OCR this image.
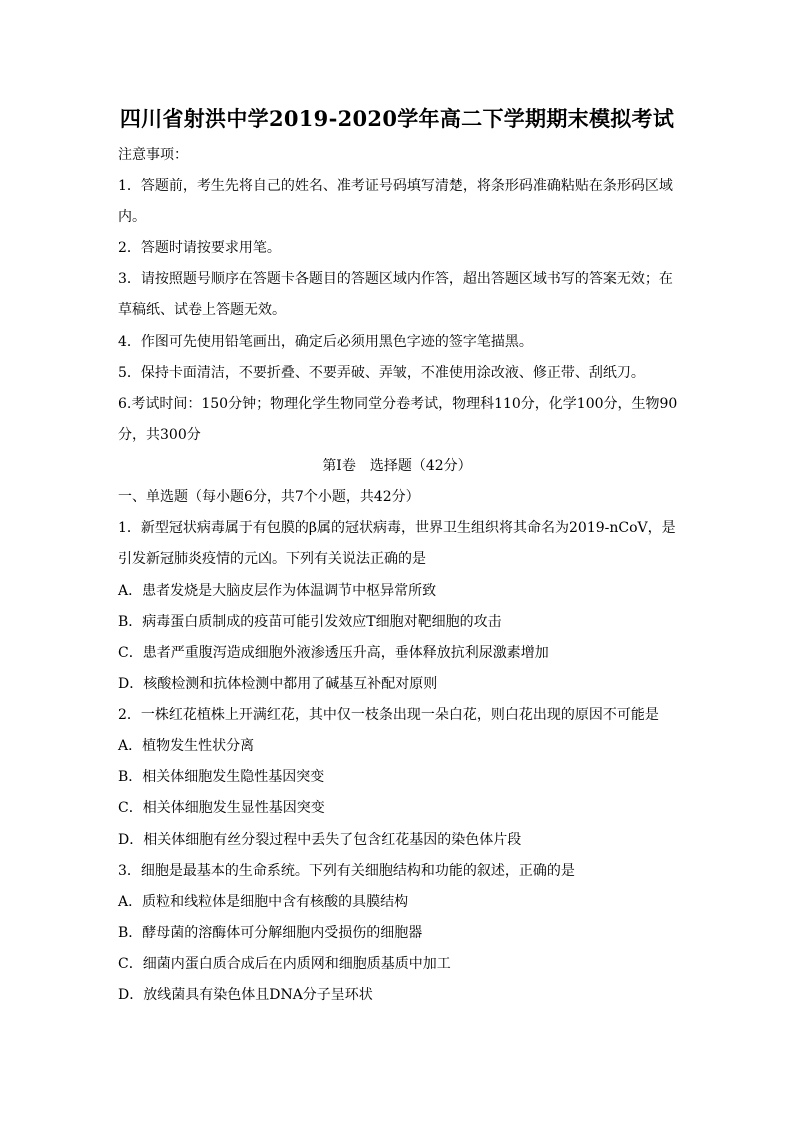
四川省射洪中学2019-2020学年高二下学期期末模拟考试
注意事项：
1．答题前，考生先将自己的姓名、准考证号码填写清楚，将条形码准确粘贴在条形码区域
内。
2．答题时请按要求用笔。
3．请按照题号顺序在答题卡各题目的答题区域内作答，超出答题区域书写的答案无效；在
草稿纸、试卷上答题无效。
4．作图可先使用铅笔画出，确定后必须用黑色字迹的签字笔描黑。
5．保持卡面清洁，不要折叠、不要弄破、弄皱，不准使用涂改液、修正带、刮纸刀。
6.考试时间：150分钟；物理化学生物同堂分卷考试，物理科110分，化学100分，生物90
分，共300分
第Ⅰ卷　选择题（42分）
一、单选题（每小题6分，共7个小题，共42分）
1．新型冠状病毒属于有包膜的β属的冠状病毒，世界卫生组织将其命名为2019-nCoV，是
引发新冠肺炎疫情的元凶。下列有关说法正确的是
A．患者发烧是大脑皮层作为体温调节中枢异常所致
B．病毒蛋白质制成的疫苗可能引发效应T细胞对靶细胞的攻击
C．患者严重腹泻造成细胞外液渗透压升高，垂体释放抗利尿激素增加
D．核酸检测和抗体检测中都用了碱基互补配对原则
2．一株红花植株上开满红花，其中仅一枝条出现一朵白花，则白花出现的原因不可能是
A．植物发生性状分离
B．相关体细胞发生隐性基因突变
C．相关体细胞发生显性基因突变
D．相关体细胞有丝分裂过程中丢失了包含红花基因的染色体片段
3．细胞是最基本的生命系统。下列有关细胞结构和功能的叙述，正确的是
A．质粒和线粒体是细胞中含有核酸的具膜结构
B．酵母菌的溶酶体可分解细胞内受损伤的细胞器
C．细菌内蛋白质合成后在内质网和细胞质基质中加工
D．放线菌具有染色体且DNA分子呈环状
